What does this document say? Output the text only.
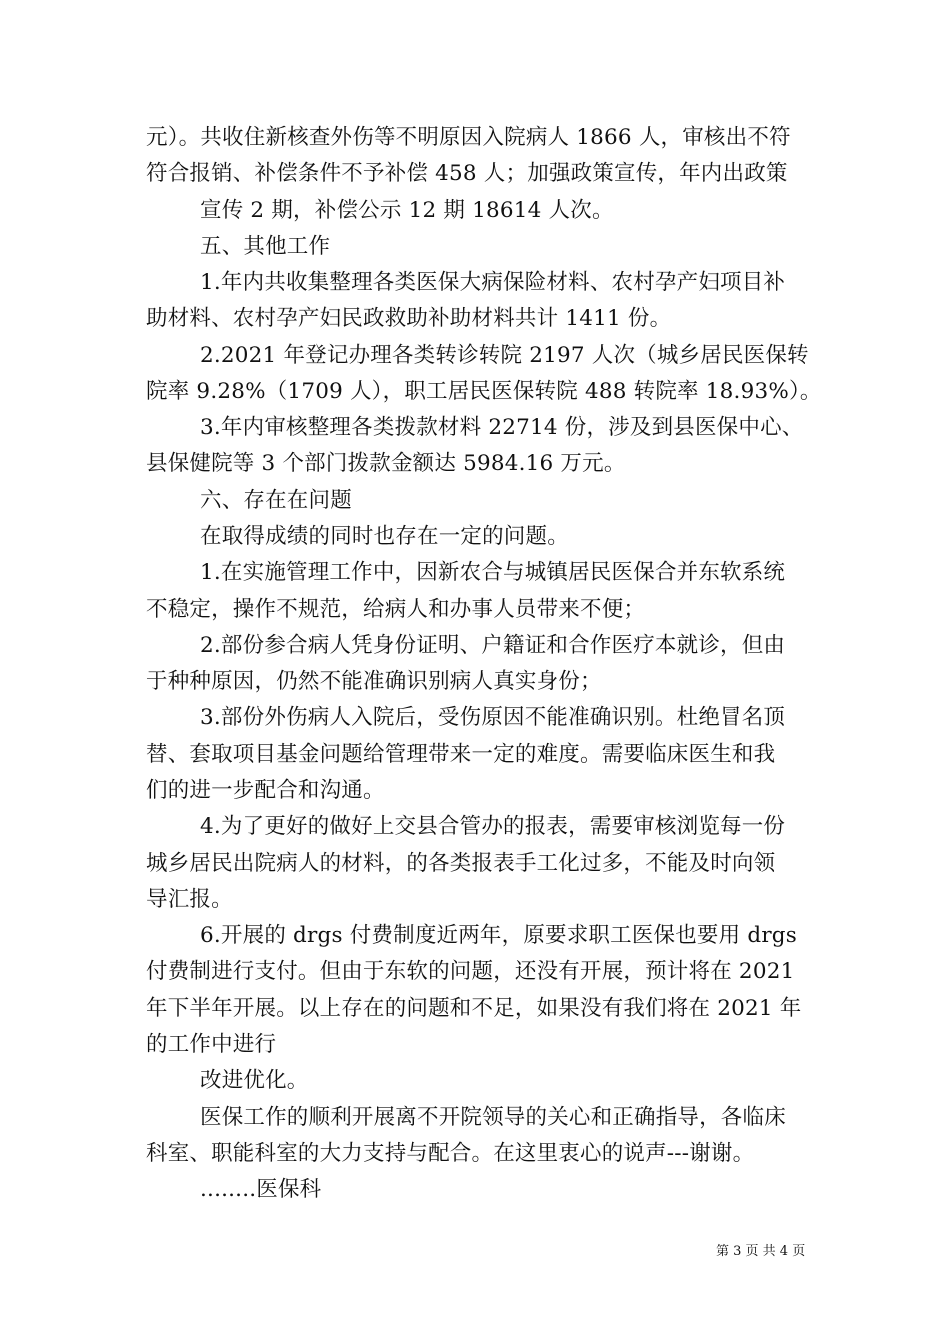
元）。共收住新核查外伤等不明原因入院病人 1866 人，审核出不符

符合报销、补偿条件不予补偿 458 人；加强政策宣传，年内出政策

宣传 2 期，补偿公示 12 期 18614 人次。

五、其他工作

1.年内共收集整理各类医保大病保险材料、农村孕产妇项目补

助材料、农村孕产妇民政救助补助材料共计 1411 份。

2.2021 年登记办理各类转诊转院 2197 人次（城乡居民医保转

院率 9.28%（1709 人），职工居民医保转院 488 转院率 18.93%）。

3.年内审核整理各类拨款材料 22714 份，涉及到县医保中心、

县保健院等 3 个部门拨款金额达 5984.16 万元。

六、存在在问题

在取得成绩的同时也存在一定的问题。

1.在实施管理工作中，因新农合与城镇居民医保合并东软系统

不稳定，操作不规范，给病人和办事人员带来不便；

2.部份参合病人凭身份证明、户籍证和合作医疗本就诊，但由

于种种原因，仍然不能准确识别病人真实身份；

3.部份外伤病人入院后，受伤原因不能准确识别。杜绝冒名顶

替、套取项目基金问题给管理带来一定的难度。需要临床医生和我

们的进一步配合和沟通。

4.为了更好的做好上交县合管办的报表，需要审核浏览每一份

城乡居民出院病人的材料，的各类报表手工化过多，不能及时向领

导汇报。

6.开展的 drgs 付费制度近两年，原要求职工医保也要用 drgs

付费制进行支付。但由于东软的问题，还没有开展，预计将在 2021

年下半年开展。以上存在的问题和不足，如果没有我们将在 2021 年

的工作中进行

改进优化。

医保工作的顺利开展离不开院领导的关心和正确指导，各临床

科室、职能科室的大力支持与配合。在这里衷心的说声---谢谢。

........医保科

第 3 页 共 4 页
